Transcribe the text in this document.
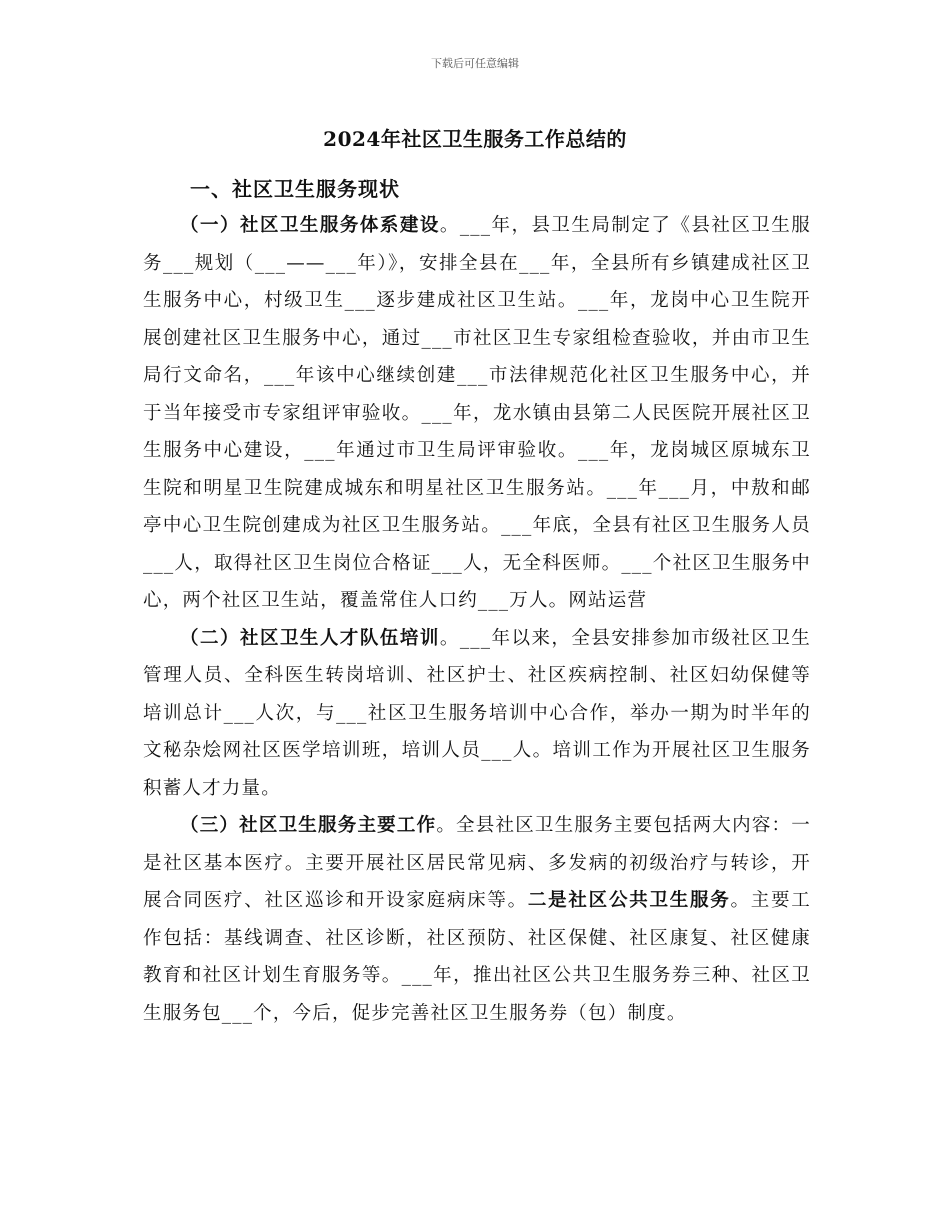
下载后可任意编辑
2024年社区卫生服务工作总结的
一、社区卫生服务现状

（一）社区卫生服务体系建设。___年，县卫生局制定了《县社区卫生服务___规划（___——___年）》，安排全县在___年，全县所有乡镇建成社区卫生服务中心，村级卫生___逐步建成社区卫生站。___年，龙岗中心卫生院开展创建社区卫生服务中心，通过___市社区卫生专家组检查验收，并由市卫生局行文命名，___年该中心继续创建___市法律规范化社区卫生服务中心，并于当年接受市专家组评审验收。___年，龙水镇由县第二人民医院开展社区卫生服务中心建设，___年通过市卫生局评审验收。___年，龙岗城区原城东卫生院和明星卫生院建成城东和明星社区卫生服务站。___年___月，中敖和邮亭中心卫生院创建成为社区卫生服务站。___年底，全县有社区卫生服务人员___人，取得社区卫生岗位合格证___人，无全科医师。___个社区卫生服务中心，两个社区卫生站，覆盖常住人口约___万人。网站运营

（二）社区卫生人才队伍培训。___年以来，全县安排参加市级社区卫生管理人员、全科医生转岗培训、社区护士、社区疾病控制、社区妇幼保健等培训总计___人次，与___社区卫生服务培训中心合作，举办一期为时半年的文秘杂烩网社区医学培训班，培训人员___人。培训工作为开展社区卫生服务积蓄人才力量。

（三）社区卫生服务主要工作。全县社区卫生服务主要包括两大内容：一是社区基本医疗。主要开展社区居民常见病、多发病的初级治疗与转诊，开展合同医疗、社区巡诊和开设家庭病床等。二是社区公共卫生服务。主要工作包括：基线调查、社区诊断，社区预防、社区保健、社区康复、社区健康教育和社区计划生育服务等。___年，推出社区公共卫生服务券三种、社区卫生服务包___个，今后，促步完善社区卫生服务券（包）制度。
